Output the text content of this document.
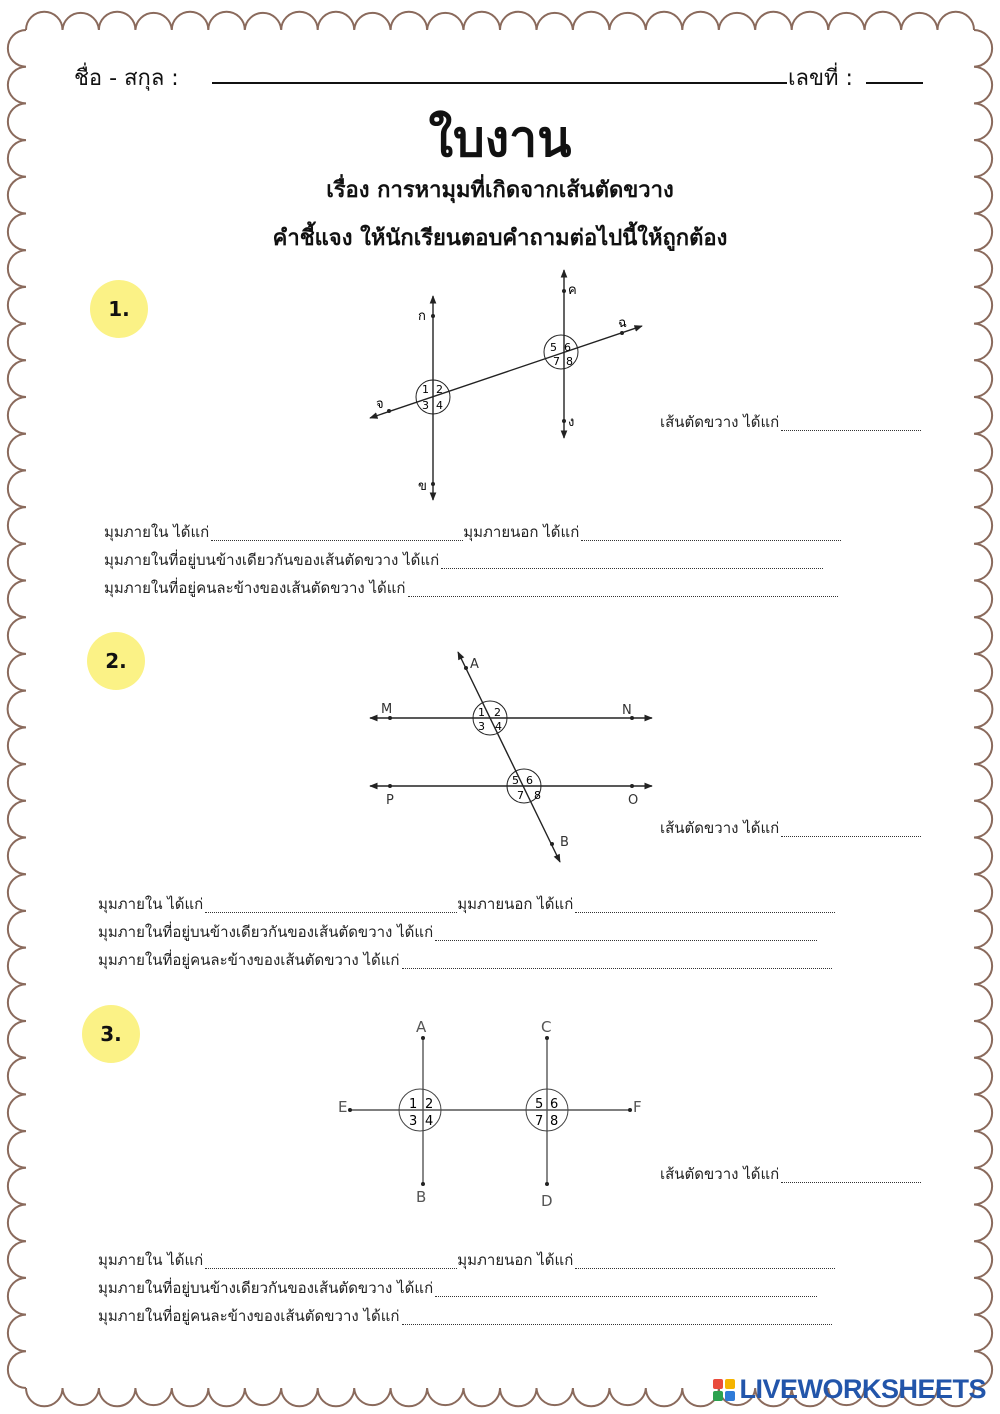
ชื่อ - สกุล :	เลขที่ :
ใบงาน
เรื่อง การหามุมที่เกิดจากเส้นตัดขวาง
คำชี้แจง ให้นักเรียนตอบคำถามต่อไปนี้ให้ถูกต้อง
1.	ก
ข
ค
ง
จ
ฉ
1 2
3 4
5 6
7 8
เส้นตัดขวาง ได้แก่
มุมภายใน ได้แก่	มุมภายนอก ได้แก่
มุมภายในที่อยู่บนข้างเดียวกันของเส้นตัดขวาง ได้แก่
มุมภายในที่อยู่คนละข้างของเส้นตัดขวาง ได้แก่
2.	A
B
M	N
P	O
1 2
3 4
5 6
7 8
เส้นตัดขวาง ได้แก่
มุมภายใน ได้แก่	มุมภายนอก ได้แก่
มุมภายในที่อยู่บนข้างเดียวกันของเส้นตัดขวาง ได้แก่
มุมภายในที่อยู่คนละข้างของเส้นตัดขวาง ได้แก่
3.	A
B
C
D
E	F
1 2
3 4
5 6
7 8
เส้นตัดขวาง ได้แก่
มุมภายใน ได้แก่	มุมภายนอก ได้แก่
มุมภายในที่อยู่บนข้างเดียวกันของเส้นตัดขวาง ได้แก่
มุมภายในที่อยู่คนละข้างของเส้นตัดขวาง ได้แก่
LIVEWORKSHEETS
